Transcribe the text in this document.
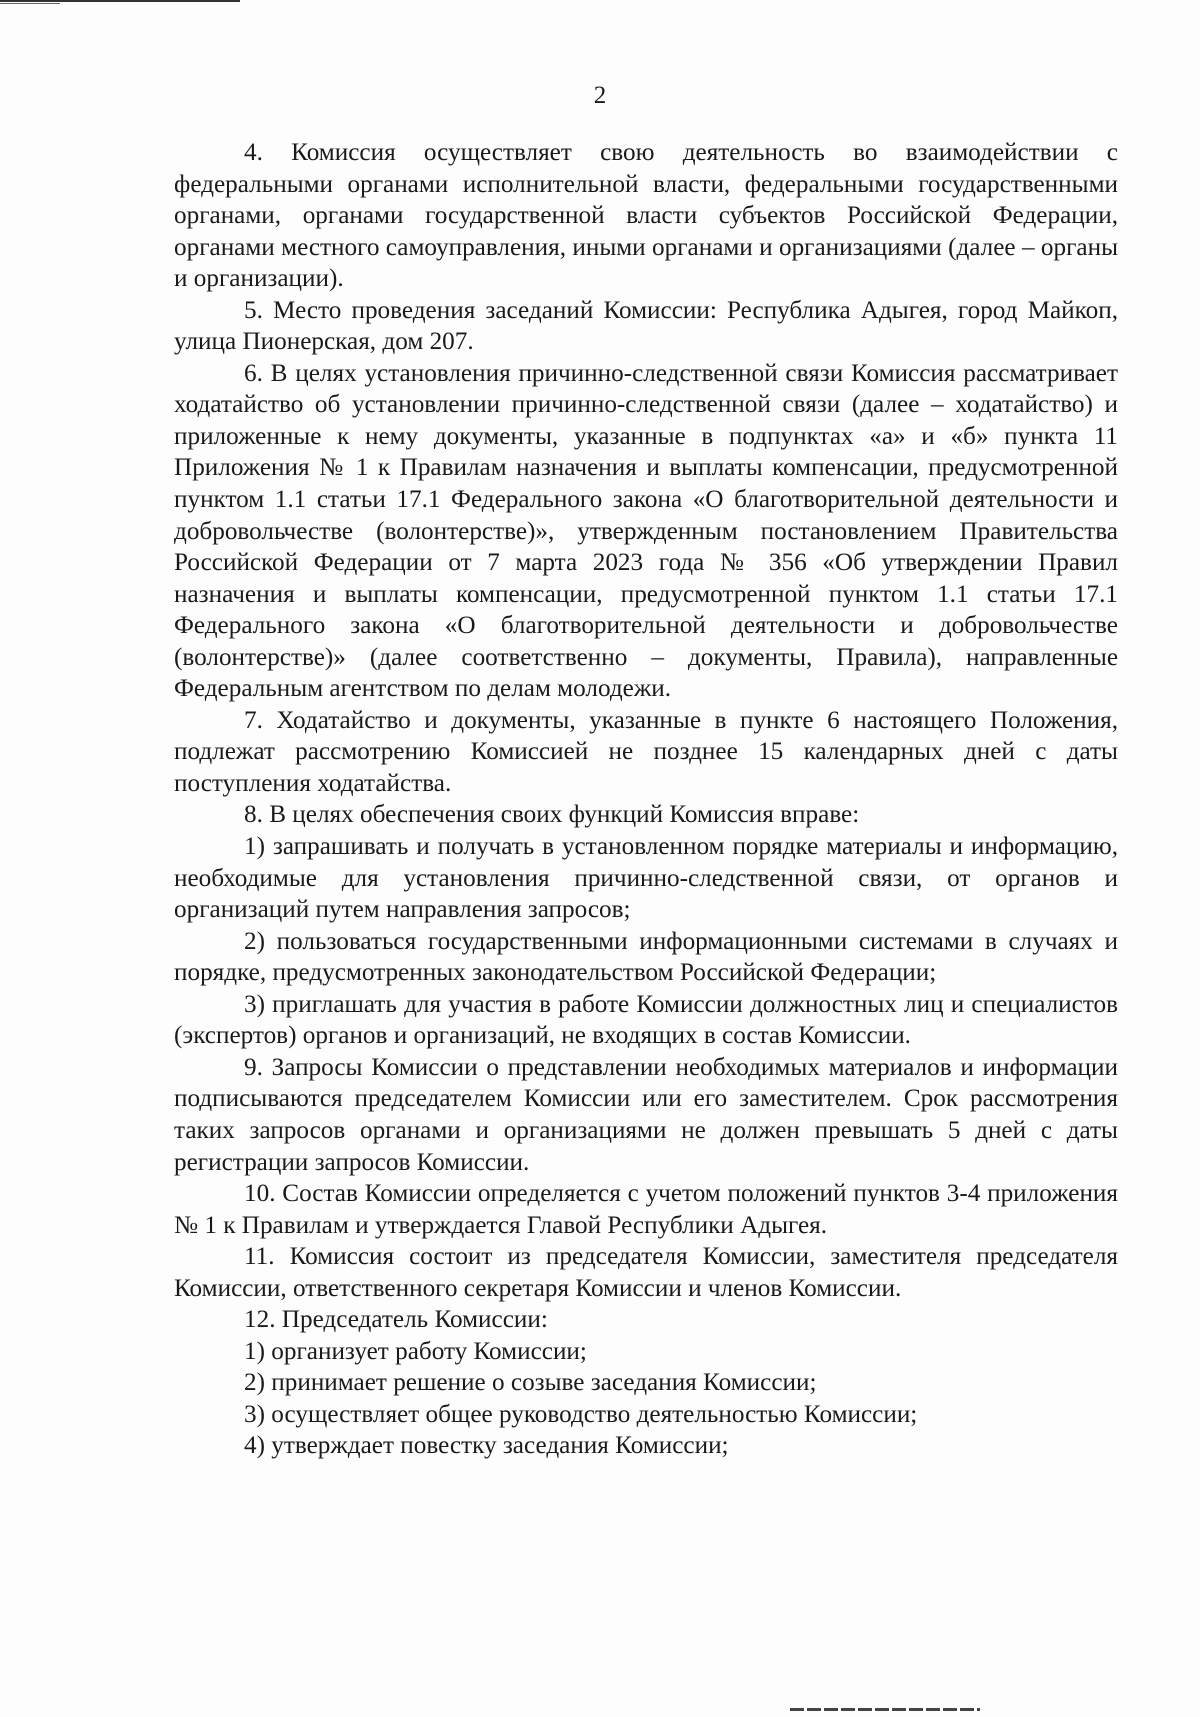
2

4. Комиссия осуществляет свою деятельность во взаимодействии с федеральными органами исполнительной власти, федеральными государственными органами, органами государственной власти субъектов Российской Федерации, органами местного самоуправления, иными органами и организациями (далее – органы и организации).

5. Место проведения заседаний Комиссии: Республика Адыгея, город Майкоп, улица Пионерская, дом 207.

6. В целях установления причинно-следственной связи Комиссия рассматривает ходатайство об установлении причинно-следственной связи (далее – ходатайство) и приложенные к нему документы, указанные в подпунктах «а» и «б» пункта 11 Приложения № 1 к Правилам назначения и выплаты компенсации, предусмотренной пунктом 1.1 статьи 17.1 Федерального закона «О благотворительной деятельности и добровольчестве (волонтерстве)», утвержденным постановлением Правительства Российской Федерации от 7 марта 2023 года № 356 «Об утверждении Правил назначения и выплаты компенсации, предусмотренной пунктом 1.1 статьи 17.1 Федерального закона «О благотворительной деятельности и добровольчестве (волонтерстве)» (далее соответственно – документы, Правила), направленные Федеральным агентством по делам молодежи.

7. Ходатайство и документы, указанные в пункте 6 настоящего Положения, подлежат рассмотрению Комиссией не позднее 15 календарных дней с даты поступления ходатайства.

8. В целях обеспечения своих функций Комиссия вправе:

1) запрашивать и получать в установленном порядке материалы и информацию, необходимые для установления причинно-следственной связи, от органов и организаций путем направления запросов;

2) пользоваться государственными информационными системами в случаях и порядке, предусмотренных законодательством Российской Федерации;

3) приглашать для участия в работе Комиссии должностных лиц и специалистов (экспертов) органов и организаций, не входящих в состав Комиссии.

9. Запросы Комиссии о представлении необходимых материалов и информации подписываются председателем Комиссии или его заместителем. Срок рассмотрения таких запросов органами и организациями не должен превышать 5 дней с даты регистрации запросов Комиссии.

10. Состав Комиссии определяется с учетом положений пунктов 3-4 приложения № 1 к Правилам и утверждается Главой Республики Адыгея.

11. Комиссия состоит из председателя Комиссии, заместителя председателя Комиссии, ответственного секретаря Комиссии и членов Комиссии.

12. Председатель Комиссии:

1) организует работу Комиссии;

2) принимает решение о созыве заседания Комиссии;

3) осуществляет общее руководство деятельностью Комиссии;

4) утверждает повестку заседания Комиссии;
